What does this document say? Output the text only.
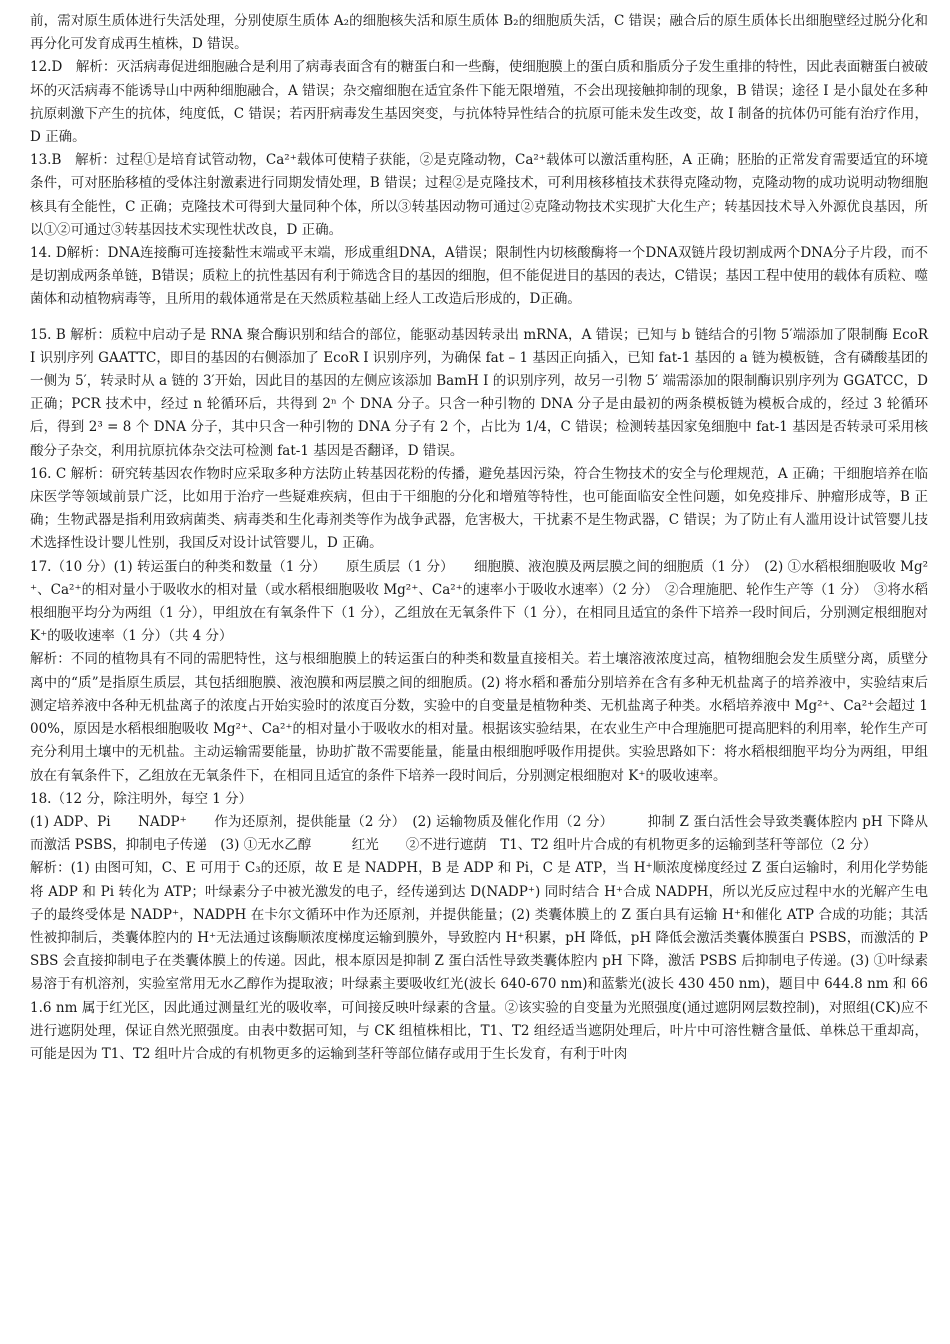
前，需对原生质体进行失活处理，分别使原生质体 A₂的细胞核失活和原生质体 B₂的细胞质失活，C 错误；融合后的原生质体长出细胞壁经过脱分化和再分化可发育成再生植株，D 错误。

12.D　解析：灭活病毒促进细胞融合是利用了病毒表面含有的糖蛋白和一些酶，使细胞膜上的蛋白质和脂质分子发生重排的特性，因此表面糖蛋白被破坏的灭活病毒不能诱导山中两种细胞融合，A 错误；杂交瘤细胞在适宜条件下能无限增殖，不会出现接触抑制的现象，B 错误；途径 I 是小鼠处在多种抗原刺激下产生的抗体，纯度低，C 错误；若丙肝病毒发生基因突变，与抗体特异性结合的抗原可能未发生改变，故 I 制备的抗体仍可能有治疗作用，D 正确。

13.B　解析：过程①是培育试管动物，Ca²⁺载体可使精子获能，②是克隆动物，Ca²⁺载体可以激活重构胚，A 正确；胚胎的正常发育需要适宜的环境条件，可对胚胎移植的受体注射激素进行同期发情处理，B 错误；过程②是克隆技术，可利用核移植技术获得克隆动物，克隆动物的成功说明动物细胞核具有全能性，C 正确；克隆技术可得到大量同种个体，所以③转基因动物可通过②克隆动物技术实现扩大化生产；转基因技术导入外源优良基因，所以①②可通过③转基因技术实现性状改良，D 正确。

14. D解析：DNA连接酶可连接黏性末端或平末端，形成重组DNA，A错误；限制性内切核酸酶将一个DNA双链片段切割成两个DNA分子片段，而不是切割成两条单链，B错误；质粒上的抗性基因有利于筛选含目的基因的细胞，但不能促进目的基因的表达，C错误；基因工程中使用的载体有质粒、噬菌体和动植物病毒等，且所用的载体通常是在天然质粒基础上经人工改造后形成的，D正确。

15. B 解析：质粒中启动子是 RNA 聚合酶识别和结合的部位，能驱动基因转录出 mRNA，A 错误；已知与 b 链结合的引物 5′端添加了限制酶 EcoR I 识别序列 GAATTC，即目的基因的右侧添加了 EcoR I 识别序列，为确保 fat – 1 基因正向插入，已知 fat-1 基因的 a 链为模板链，含有磷酸基团的一侧为 5′，转录时从 a 链的 3′开始，因此目的基因的左侧应该添加 BamH I 的识别序列，故另一引物 5′ 端需添加的限制酶识别序列为 GGATCC，D 正确；PCR 技术中，经过 n 轮循环后，共得到 2ⁿ 个 DNA 分子。只含一种引物的 DNA 分子是由最初的两条模板链为模板合成的，经过 3 轮循环后，得到 2³ = 8 个 DNA 分子，其中只含一种引物的 DNA 分子有 2 个，占比为 1/4，C 错误；检测转基因家兔细胞中 fat-1 基因是否转录可采用核酸分子杂交，利用抗原抗体杂交法可检测 fat-1 基因是否翻译，D 错误。

16. C 解析：研究转基因农作物时应采取多种方法防止转基因花粉的传播，避免基因污染，符合生物技术的安全与伦理规范，A 正确；干细胞培养在临床医学等领域前景广泛，比如用于治疗一些疑难疾病，但由于干细胞的分化和增殖等特性，也可能面临安全性问题，如免疫排斥、肿瘤形成等，B 正确；生物武器是指利用致病菌类、病毒类和生化毒剂类等作为战争武器，危害极大，干扰素不是生物武器，C 错误；为了防止有人滥用设计试管婴儿技术选择性设计婴儿性别，我国反对设计试管婴儿，D 正确。

17.（10 分）(1) 转运蛋白的种类和数量（1 分）　　原生质层（1 分）　　细胞膜、液泡膜及两层膜之间的细胞质（1 分）　(2) ①水稻根细胞吸收 Mg²⁺、Ca²⁺的相对量小于吸收水的相对量（或水稻根细胞吸收 Mg²⁺、Ca²⁺的速率小于吸收水速率）（2 分）　②合理施肥、轮作生产等（1 分）　③将水稻根细胞平均分为两组（1 分），甲组放在有氧条件下（1 分），乙组放在无氧条件下（1 分），在相同且适宜的条件下培养一段时间后，分别测定根细胞对 K⁺的吸收速率（1 分）（共 4 分）

解析：不同的植物具有不同的需肥特性，这与根细胞膜上的转运蛋白的种类和数量直接相关。若土壤溶液浓度过高，植物细胞会发生质壁分离，质壁分离中的“质”是指原生质层，其包括细胞膜、液泡膜和两层膜之间的细胞质。(2) 将水稻和番茄分别培养在含有多种无机盐离子的培养液中，实验结束后测定培养液中各种无机盐离子的浓度占开始实验时的浓度百分数，实验中的自变量是植物种类、无机盐离子种类。水稻培养液中 Mg²⁺、Ca²⁺会超过 100%，原因是水稻根细胞吸收 Mg²⁺、Ca²⁺的相对量小于吸收水的相对量。根据该实验结果，在农业生产中合理施肥可提高肥料的利用率，轮作生产可充分利用土壤中的无机盐。主动运输需要能量，协助扩散不需要能量，能量由根细胞呼吸作用提供。实验思路如下：将水稻根细胞平均分为两组，甲组放在有氧条件下，乙组放在无氧条件下，在相同且适宜的条件下培养一段时间后，分别测定根细胞对 K⁺的吸收速率。

18.（12 分，除注明外，每空 1 分）

(1) ADP、Pi　　NADP⁺　　作为还原剂，提供能量（2 分）　(2) 运输物质及催化作用（2 分）　　　抑制 Z 蛋白活性会导致类囊体腔内 pH 下降从而激活 PSBS，抑制电子传递　(3) ①无水乙醇　　　红光　　②不进行遮荫　T1、T2 组叶片合成的有机物更多的运输到茎秆等部位（2 分）

解析：(1) 由图可知，C、E 可用于 C₃的还原，故 E 是 NADPH，B 是 ADP 和 Pi，C 是 ATP，当 H⁺顺浓度梯度经过 Z 蛋白运输时，利用化学势能将 ADP 和 Pi 转化为 ATP；叶绿素分子中被光激发的电子，经传递到达 D(NADP⁺) 同时结合 H⁺合成 NADPH，所以光反应过程中水的光解产生电子的最终受体是 NADP⁺，NADPH 在卡尔文循环中作为还原剂，并提供能量；(2) 类囊体膜上的 Z 蛋白具有运输 H⁺和催化 ATP 合成的功能；其活性被抑制后，类囊体腔内的 H⁺无法通过该酶顺浓度梯度运输到膜外，导致腔内 H⁺积累，pH 降低，pH 降低会激活类囊体膜蛋白 PSBS，而激活的 PSBS 会直接抑制电子在类囊体膜上的传递。因此，根本原因是抑制 Z 蛋白活性导致类囊体腔内 pH 下降，激活 PSBS 后抑制电子传递。(3) ①叶绿素易溶于有机溶剂，实验室常用无水乙醇作为提取液；叶绿素主要吸收红光(波长 640-670 nm)和蓝紫光(波长 430 450 nm)，题目中 644.8 nm 和 661.6 nm 属于红光区，因此通过测量红光的吸收率，可间接反映叶绿素的含量。②该实验的自变量为光照强度(通过遮阴网层数控制)，对照组(CK)应不进行遮阴处理，保证自然光照强度。由表中数据可知，与 CK 组植株相比，T1、T2 组经适当遮阴处理后，叶片中可溶性糖含量低、单株总干重却高，可能是因为 T1、T2 组叶片合成的有机物更多的运输到茎秆等部位储存或用于生长发育，有利于叶肉
